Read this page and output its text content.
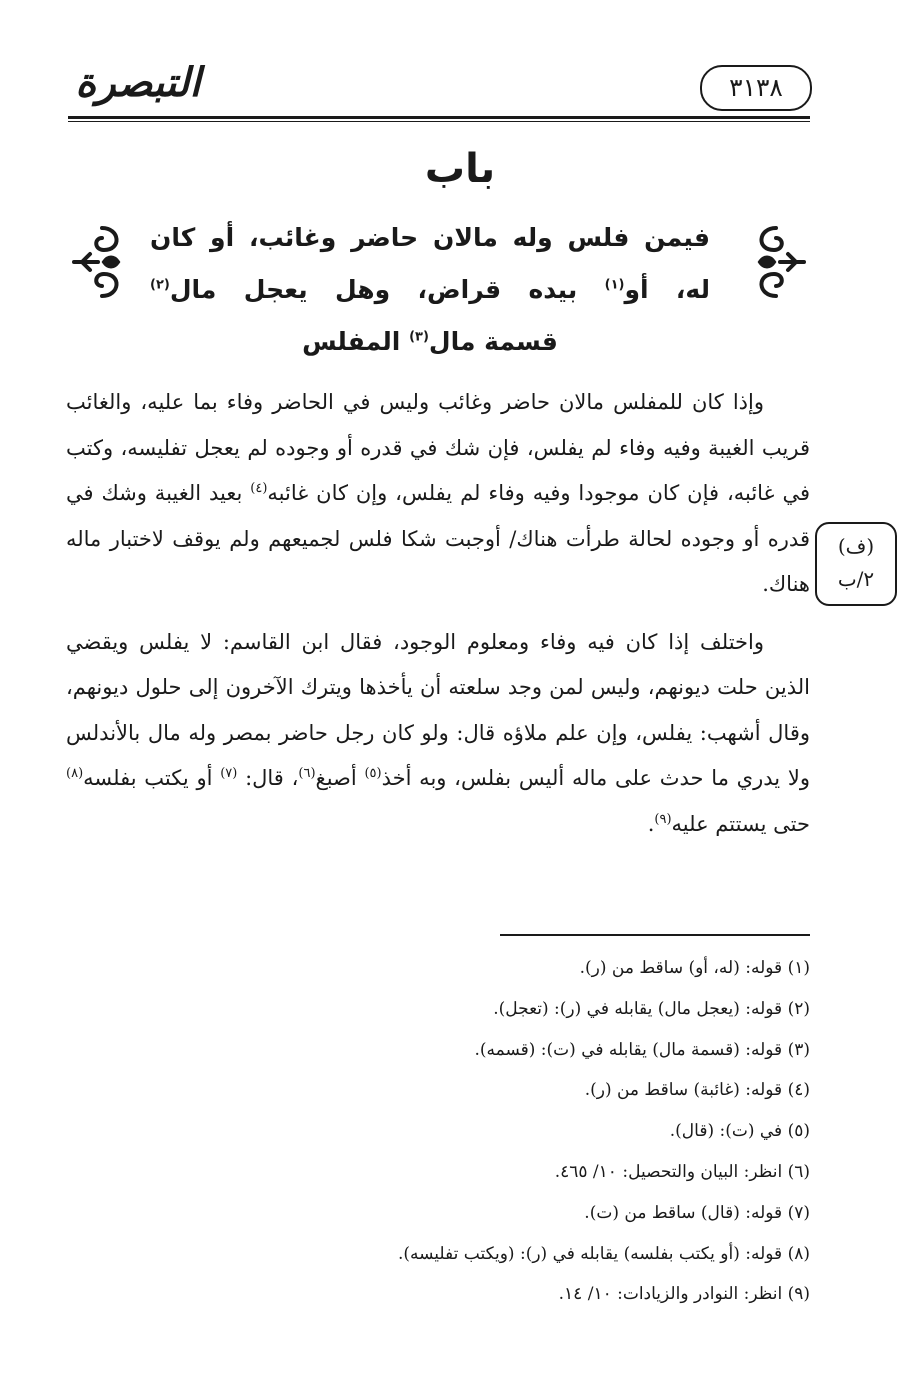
التبصرة	٣١٣٨
باب
فيمن فلس وله مالان حاضر وغائب، أو كان
له، أو$^{(١)}$ بيده قراض، وهل يعجل مال$^{(٢)}$
قسمة مال$^{(٣)}$ المفلس
(ف)
٢/ب

وإذا كان للمفلس مالان حاضر وغائب وليس في الحاضر وفاء بما عليه، والغائب قريب الغيبة وفيه وفاء لم يفلس، فإن شك في قدره أو وجوده لم يعجل تفليسه، وكتب في غائبه، فإن كان موجودا وفيه وفاء لم يفلس، وإن كان غائبه$^{(٤)}$ بعيد الغيبة وشك في قدره أو وجوده لحالة طرأت هناك/ أوجبت شكا فلس لجميعهم ولم يوقف لاختبار ماله هناك.

واختلف إذا كان فيه وفاء ومعلوم الوجود، فقال ابن القاسم: لا يفلس ويقضي الذين حلت ديونهم، وليس لمن وجد سلعته أن يأخذها ويترك الآخرون إلى حلول ديونهم، وقال أشهب: يفلس، وإن علم ملاؤه قال: ولو كان رجل حاضر بمصر وله مال بالأندلس ولا يدري ما حدث على ماله أليس بفلس، وبه أخذ$^{(٥)}$ أصبغ$^{(٦)}$، قال: $^{(٧)}$ أو يكتب بفلسه$^{(٨)}$ حتى يستتم عليه$^{(٩)}$.

(١) قوله: (له، أو) ساقط من (ر).
(٢) قوله: (يعجل مال) يقابله في (ر): (تعجل).
(٣) قوله: (قسمة مال) يقابله في (ت): (قسمه).
(٤) قوله: (غائبة) ساقط من (ر).
(٥) في (ت): (قال).
(٦) انظر: البيان والتحصيل: ١٠/ ٤٦٥.
(٧) قوله: (قال) ساقط من (ت).
(٨) قوله: (أو يكتب بفلسه) يقابله في (ر): (ويكتب تفليسه).
(٩) انظر: النوادر والزيادات: ١٠/ ١٤.
